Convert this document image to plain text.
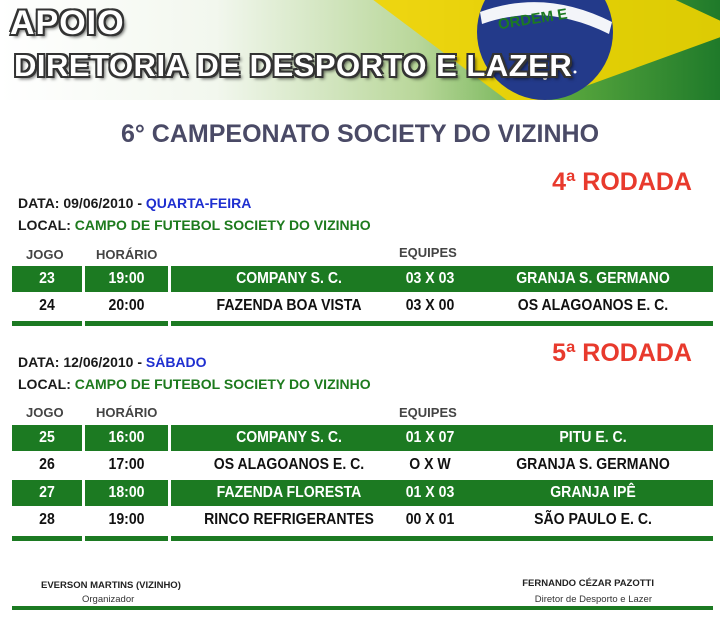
ORDEM E
APOIO
DIRETORIA DE DESPORTO E LAZER
6° CAMPEONATO SOCIETY DO VIZINHO
4ª RODADA
DATA: 09/06/2010 - QUARTA-FEIRA
LOCAL: CAMPO DE FUTEBOL SOCIETY DO VIZINHO
JOGO HORÁRIO	EQUIPES
23	19:00	COMPANY S. C.	03 X 03	GRANJA S. GERMANO
24	20:00	FAZENDA BOA VISTA	03 X 00	OS ALAGOANOS E. C.
5ª RODADA
DATA: 12/06/2010 - SÁBADO
LOCAL: CAMPO DE FUTEBOL SOCIETY DO VIZINHO
JOGO HORÁRIO	EQUIPES
25	16:00	COMPANY S. C.	01 X 07	PITU E. C.
26	17:00	OS ALAGOANOS E. C.	O X W	GRANJA S. GERMANO
27	18:00	FAZENDA FLORESTA	01 X 03	GRANJA IPÊ
28	19:00	RINCO REFRIGERANTES	00 X 01	SÃO PAULO E. C.
EVERSON MARTINS (VIZINHO)
Organizador
FERNANDO CÉZAR PAZOTTI
Diretor de Desporto e Lazer
